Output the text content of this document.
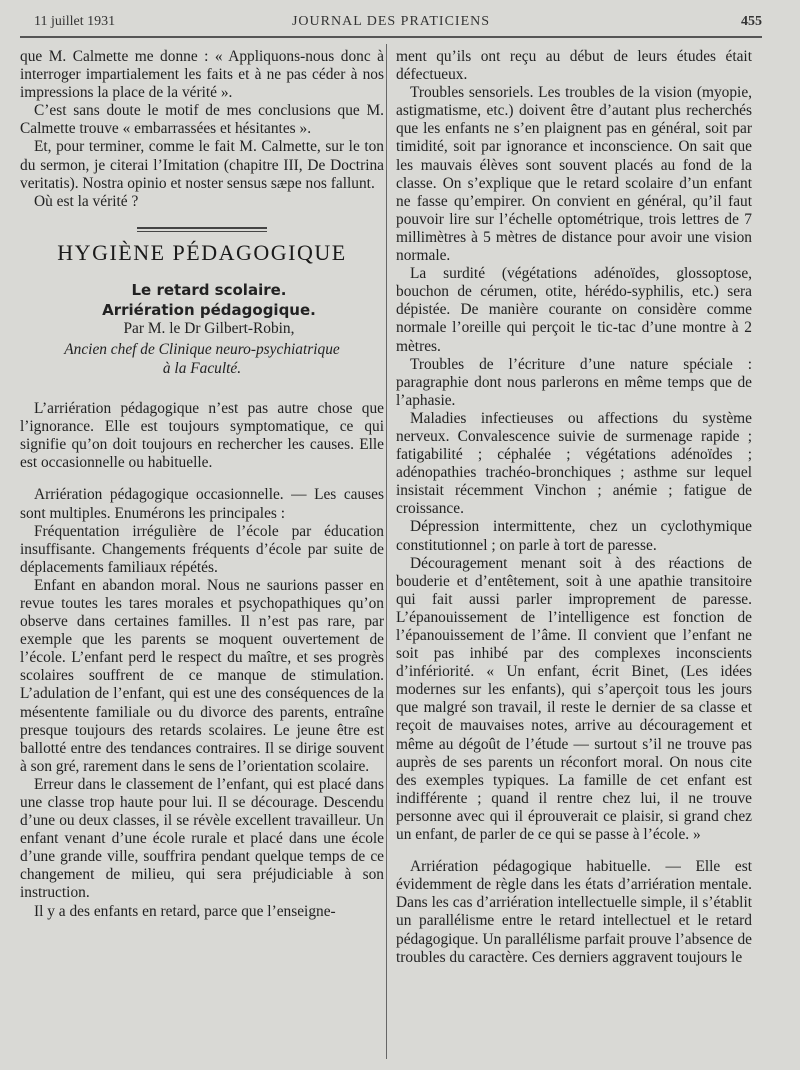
11 juillet 1931	JOURNAL DES PRATICIENS	455

que M. Calmette me donne : « Appliquons-nous donc à interroger impartialement les faits et à ne pas céder à nos impressions la place de la vérité ».

C’est sans doute le motif de mes conclusions que M. Calmette trouve « embarrassées et hésitantes ».

Et, pour terminer, comme le fait M. Calmette, sur le ton du sermon, je citerai l’Imitation (chapitre III, De Doctrina veritatis). Nostra opinio et noster sensus sæpe nos fallunt.

Où est la vérité ?

HYGIÈNE PÉDAGOGIQUE

Le retard scolaire.

Arriération pédagogique.

Par M. le Dr Gilbert-Robin,

Ancien chef de Clinique neuro-psychiatrique
à la Faculté.

L’arriération pédagogique n’est pas autre chose que l’ignorance. Elle est toujours symptomatique, ce qui signifie qu’on doit toujours en rechercher les causes. Elle est occasionnelle ou habituelle.

Arriération pédagogique occasionnelle. — Les causes sont multiples. Enumérons les principales :

Fréquentation irrégulière de l’école par éducation insuffisante. Changements fréquents d’école par suite de déplacements familiaux répétés.

Enfant en abandon moral. Nous ne saurions passer en revue toutes les tares morales et psychopathiques qu’on observe dans certaines familles. Il n’est pas rare, par exemple que les parents se moquent ouvertement de l’école. L’enfant perd le respect du maître, et ses progrès scolaires souffrent de ce manque de stimulation. L’adulation de l’enfant, qui est une des conséquences de la mésentente familiale ou du divorce des parents, entraîne presque toujours des retards scolaires. Le jeune être est ballotté entre des tendances contraires. Il se dirige souvent à son gré, rarement dans le sens de l’orientation scolaire.

Erreur dans le classement de l’enfant, qui est placé dans une classe trop haute pour lui. Il se décourage. Descendu d’une ou deux classes, il se révèle excellent travailleur. Un enfant venant d’une école rurale et placé dans une école d’une grande ville, souffrira pendant quelque temps de ce changement de milieu, qui sera préjudiciable à son instruction.

Il y a des enfants en retard, parce que l’enseigne-

ment qu’ils ont reçu au début de leurs études était défectueux.

Troubles sensoriels. Les troubles de la vision (myopie, astigmatisme, etc.) doivent être d’autant plus recherchés que les enfants ne s’en plaignent pas en général, soit par timidité, soit par ignorance et inconscience. On sait que les mauvais élèves sont souvent placés au fond de la classe. On s’explique que le retard scolaire d’un enfant ne fasse qu’empirer. On convient en général, qu’il faut pouvoir lire sur l’échelle optométrique, trois lettres de 7 millimètres à 5 mètres de distance pour avoir une vision normale.

La surdité (végétations adénoïdes, glossoptose, bouchon de cérumen, otite, hérédo-syphilis, etc.) sera dépistée. De manière courante on considère comme normale l’oreille qui perçoit le tic-tac d’une montre à 2 mètres.

Troubles de l’écriture d’une nature spéciale : paragraphie dont nous parlerons en même temps que de l’aphasie.

Maladies infectieuses ou affections du système nerveux. Convalescence suivie de surmenage rapide ; fatigabilité ; céphalée ; végétations adénoïdes ; adénopathies trachéo-bronchiques ; asthme sur lequel insistait récemment Vinchon ; anémie ; fatigue de croissance.

Dépression intermittente, chez un cyclothymique constitutionnel ; on parle à tort de paresse.

Découragement menant soit à des réactions de bouderie et d’entêtement, soit à une apathie transitoire qui fait aussi parler improprement de paresse. L’épanouissement de l’intelligence est fonction de l’épanouissement de l’âme. Il convient que l’enfant ne soit pas inhibé par des complexes inconscients d’infériorité. « Un enfant, écrit Binet, (Les idées modernes sur les enfants), qui s’aperçoit tous les jours que malgré son travail, il reste le dernier de sa classe et reçoit de mauvaises notes, arrive au découragement et même au dégoût de l’étude — surtout s’il ne trouve pas auprès de ses parents un réconfort moral. On nous cite des exemples typiques. La famille de cet enfant est indifférente ; quand il rentre chez lui, il ne trouve personne avec qui il éprouverait ce plaisir, si grand chez un enfant, de parler de ce qui se passe à l’école. »

Arriération pédagogique habituelle. — Elle est évidemment de règle dans les états d’arriération mentale. Dans les cas d’arriération intellectuelle simple, il s’établit un parallélisme entre le retard intellectuel et le retard pédagogique. Un parallélisme parfait prouve l’absence de troubles du caractère. Ces derniers aggravent toujours le
